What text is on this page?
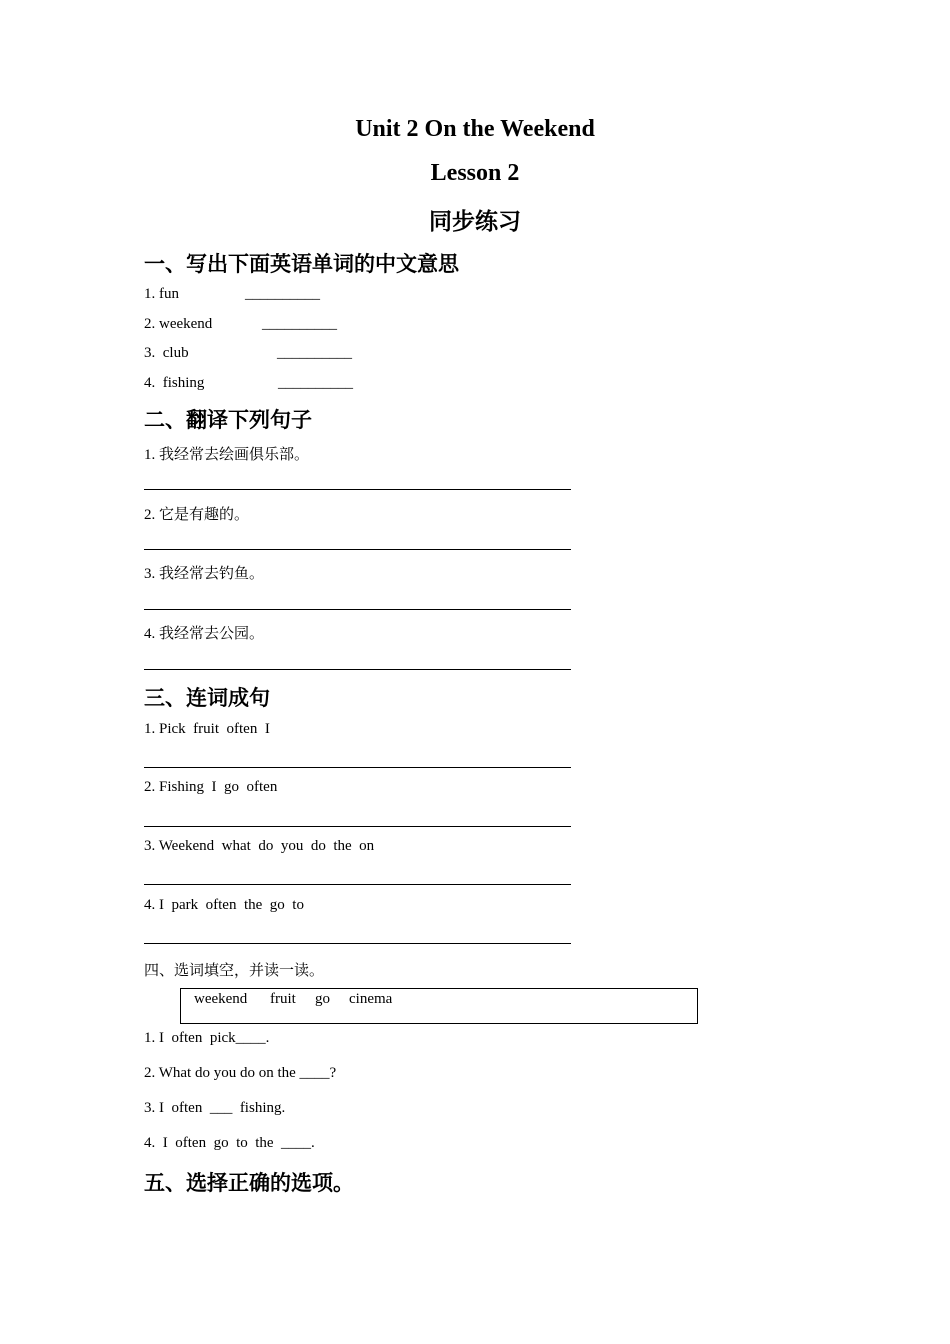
Unit 2 On the Weekend
Lesson 2
同步练习
一、写出下面英语单词的中文意思
1. fun	__________
2. weekend	__________
3.  club	__________
4.  fishing	__________
二、翻译下列句子
1. 我经常去绘画俱乐部。
2. 它是有趣的。
3. 我经常去钓鱼。
4. 我经常去公园。
三、连词成句
1. Pick  fruit  often  I
2. Fishing  I  go  often
3. Weekend  what  do  you  do  the  on
4. I  park  often  the  go  to
四、选词填空，并读一读。
weekend fruit go cinema
1. I  often  pick____.
2. What do you do on the ____?
3. I  often  ___  fishing.
4.  I  often  go  to  the  ____.
五、选择正确的选项。
